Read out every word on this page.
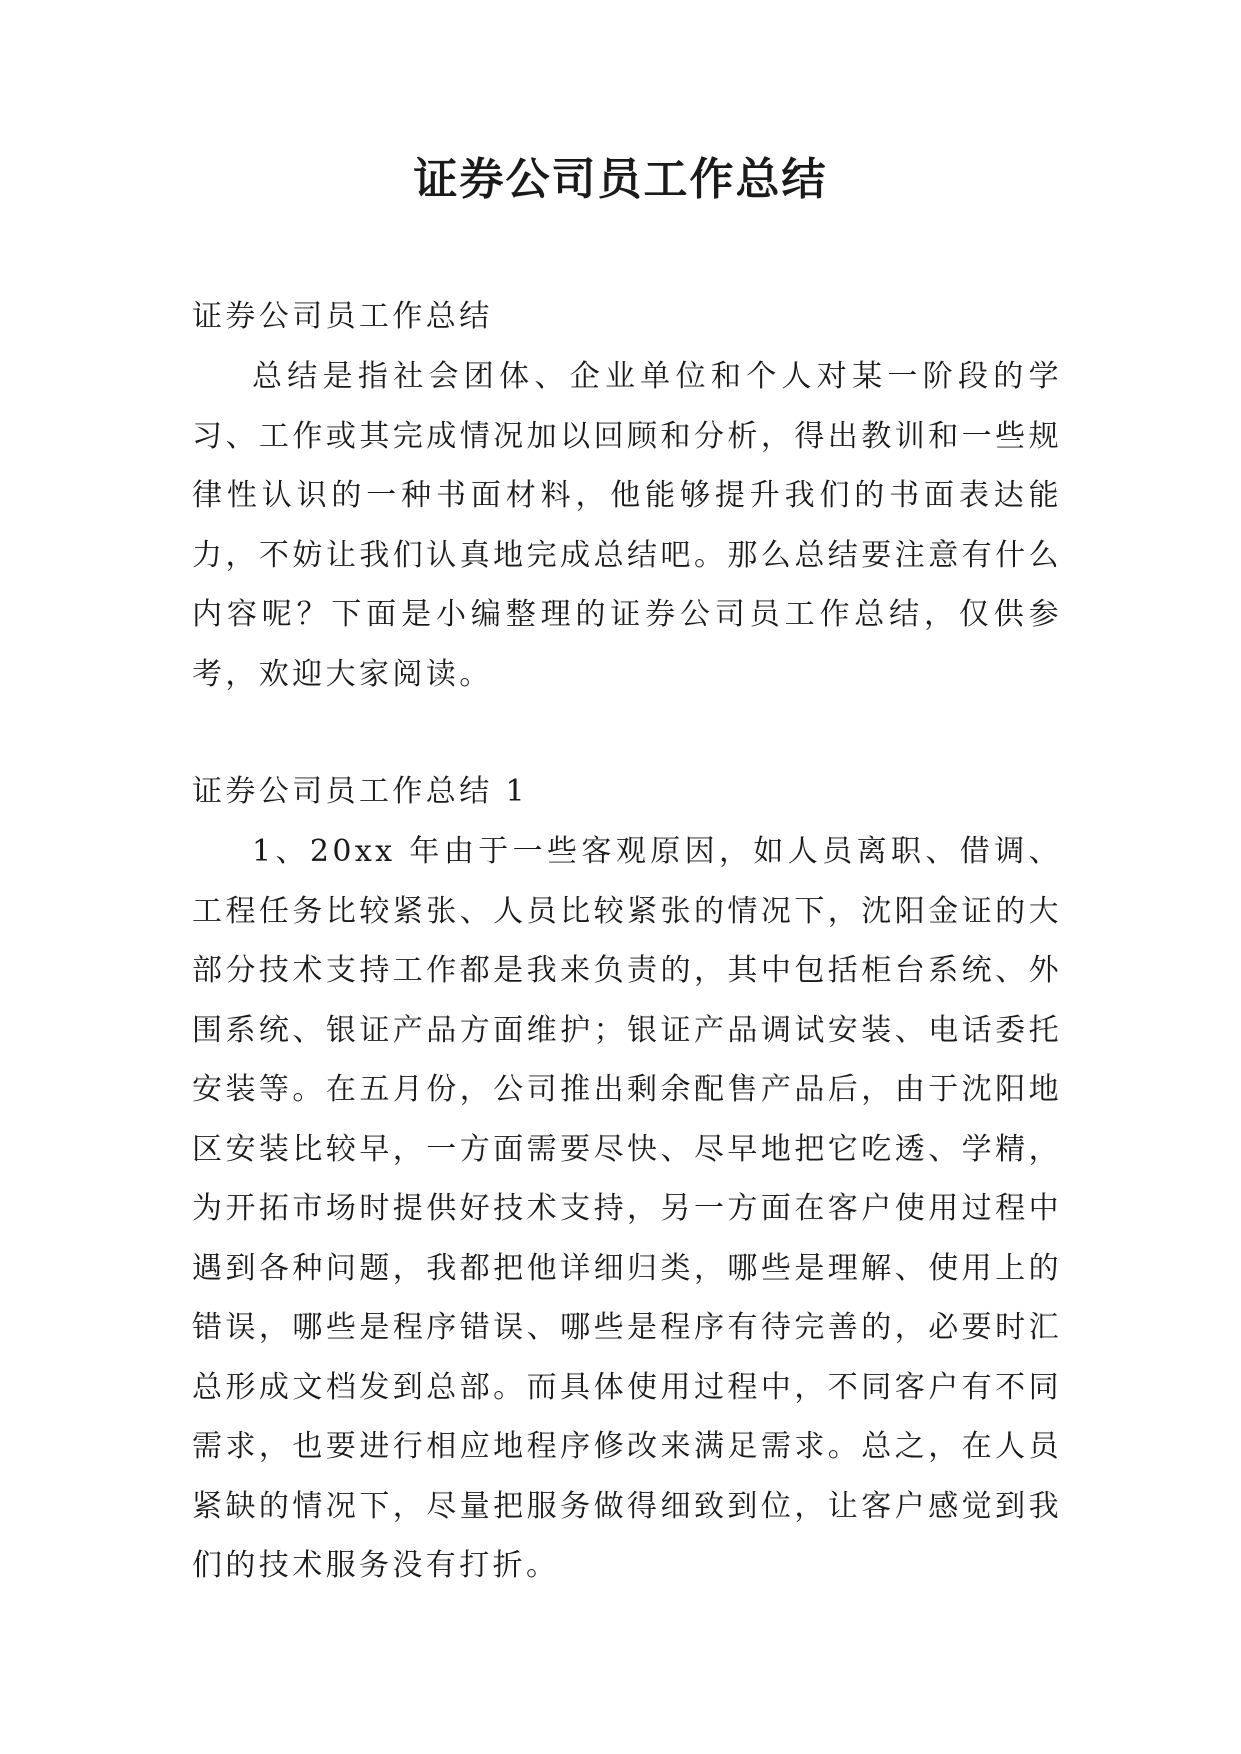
证券公司员工作总结

证券公司员工作总结

总结是指社会团体、企业单位和个人对某一阶段的学习、工作或其完成情况加以回顾和分析，得出教训和一些规律性认识的一种书面材料，他能够提升我们的书面表达能力，不妨让我们认真地完成总结吧。那么总结要注意有什么内容呢？下面是小编整理的证券公司员工作总结，仅供参考，欢迎大家阅读。

证券公司员工作总结 1

1、20xx 年由于一些客观原因，如人员离职、借调、工程任务比较紧张、人员比较紧张的情况下，沈阳金证的大部分技术支持工作都是我来负责的，其中包括柜台系统、外围系统、银证产品方面维护；银证产品调试安装、电话委托安装等。在五月份，公司推出剩余配售产品后，由于沈阳地区安装比较早，一方面需要尽快、尽早地把它吃透、学精，为开拓市场时提供好技术支持，另一方面在客户使用过程中遇到各种问题，我都把他详细归类，哪些是理解、使用上的错误，哪些是程序错误、哪些是程序有待完善的，必要时汇总形成文档发到总部。而具体使用过程中，不同客户有不同需求，也要进行相应地程序修改来满足需求。总之，在人员紧缺的情况下，尽量把服务做得细致到位，让客户感觉到我们的技术服务没有打折。
